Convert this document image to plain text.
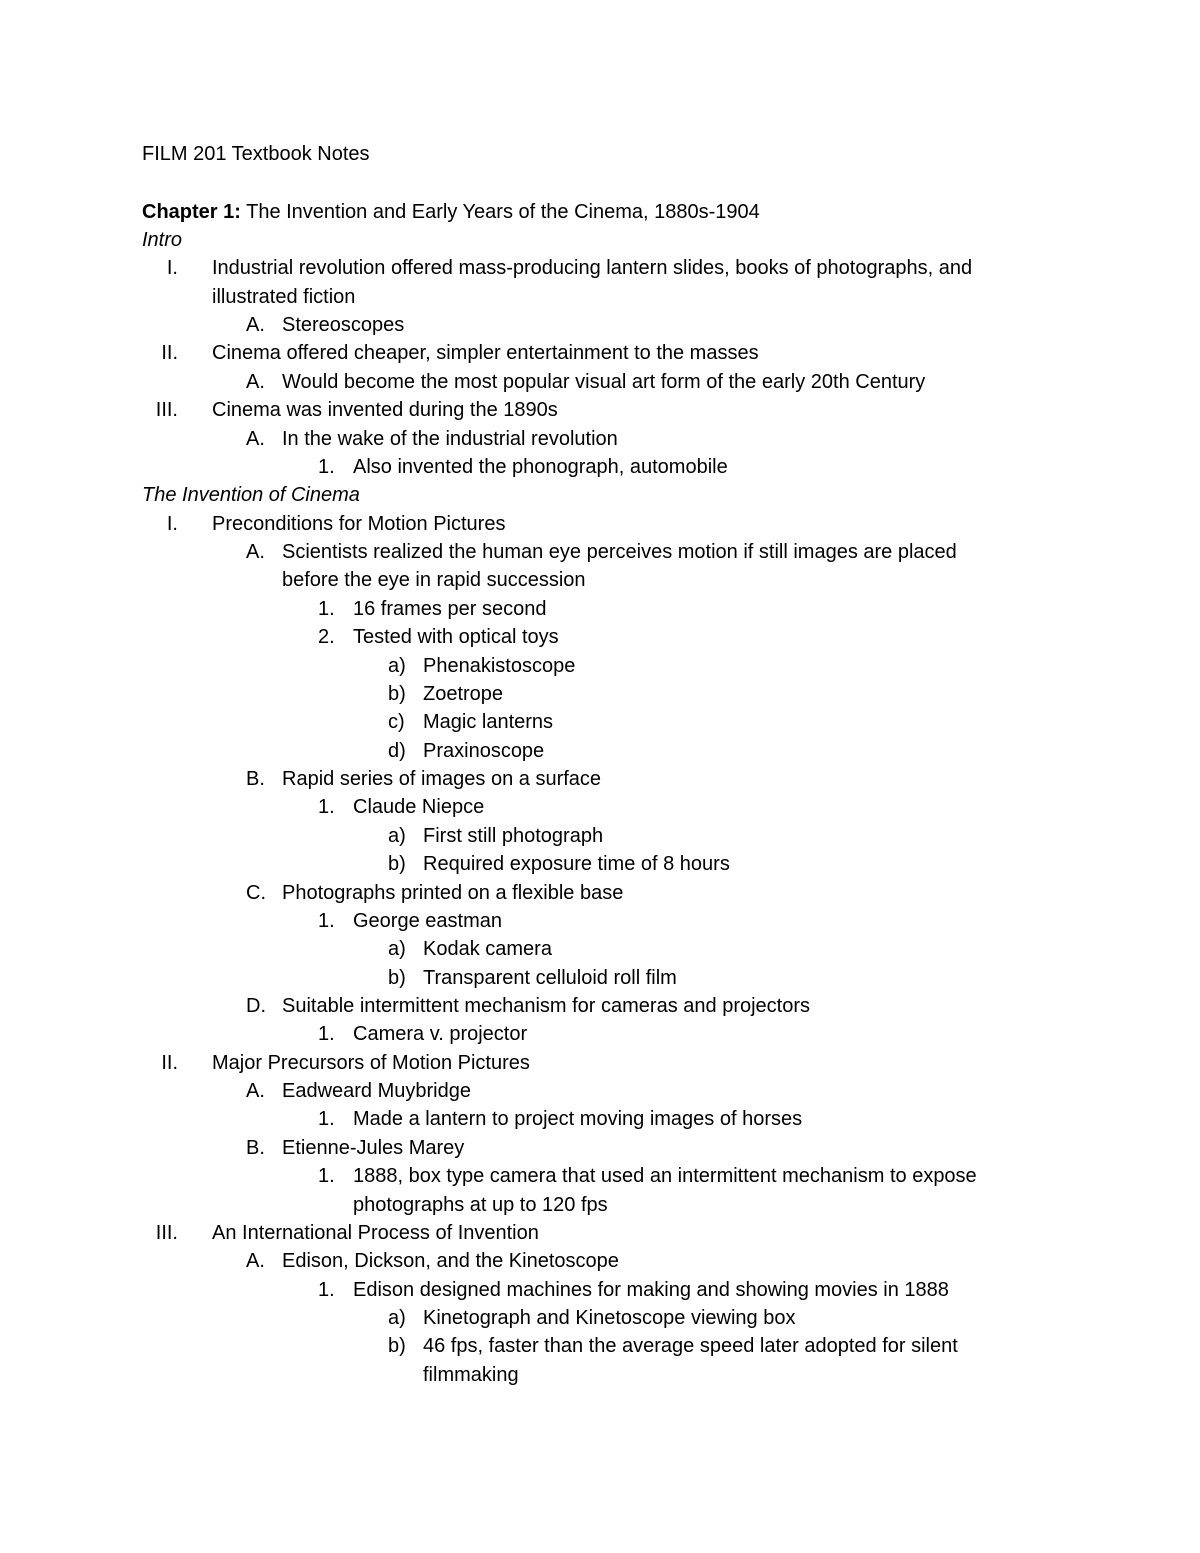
FILM 201 Textbook Notes
Chapter 1: The Invention and Early Years of the Cinema, 1880s-1904
Intro
I. Industrial revolution offered mass-producing lantern slides, books of photographs, and
illustrated fiction
A. Stereoscopes
II. Cinema offered cheaper, simpler entertainment to the masses
A. Would become the most popular visual art form of the early 20th Century
III. Cinema was invented during the 1890s
A. In the wake of the industrial revolution
1. Also invented the phonograph, automobile
The Invention of Cinema
I. Preconditions for Motion Pictures
A. Scientists realized the human eye perceives motion if still images are placed
before the eye in rapid succession
1. 16 frames per second
2. Tested with optical toys
a) Phenakistoscope
b) Zoetrope
c) Magic lanterns
d) Praxinoscope
B. Rapid series of images on a surface
1. Claude Niepce
a) First still photograph
b) Required exposure time of 8 hours
C. Photographs printed on a flexible base
1. George eastman
a) Kodak camera
b) Transparent celluloid roll film
D. Suitable intermittent mechanism for cameras and projectors
1. Camera v. projector
II. Major Precursors of Motion Pictures
A. Eadweard Muybridge
1. Made a lantern to project moving images of horses
B. Etienne-Jules Marey
1. 1888, box type camera that used an intermittent mechanism to expose
photographs at up to 120 fps
III. An International Process of Invention
A. Edison, Dickson, and the Kinetoscope
1. Edison designed machines for making and showing movies in 1888
a) Kinetograph and Kinetoscope viewing box
b) 46 fps, faster than the average speed later adopted for silent
filmmaking
